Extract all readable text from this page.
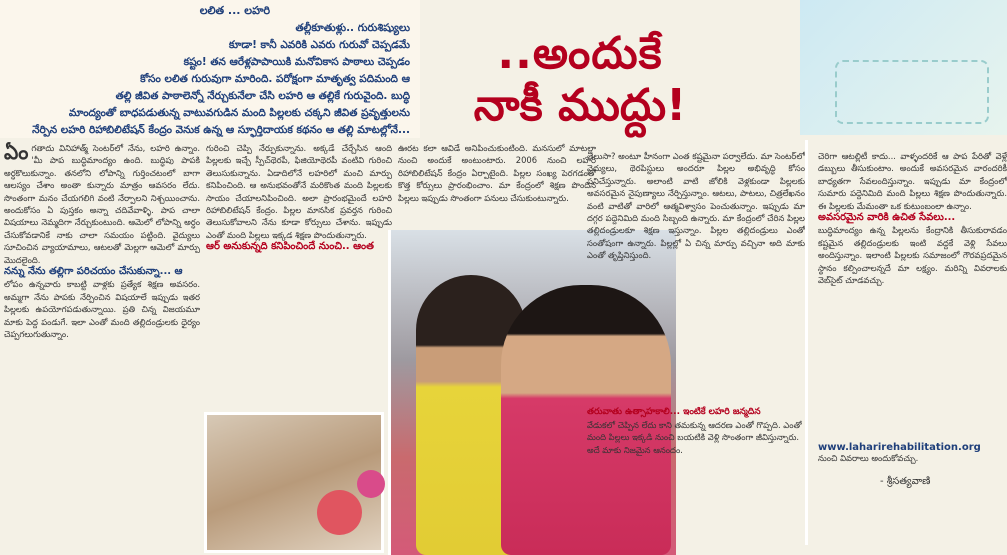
లలిత ... లహరి
తల్లీకూతుళ్లు.. గురుశిష్యులు
కూడా! కానీ ఎవరికి ఎవరు గురువో చెప్పడమే
కష్టం! తన ఆరేళ్లపాపాయికి మనోవికాస పాఠాలు చెప్పడం
కోసం లలిత గురువుగా మారింది. పరోక్షంగా మాతృత్వ పదిమంది ఆ
తల్లి జీవిత పాఠాలెన్నో నేర్చుకునేలా చేసి లహరి ఆ తల్లికే గురువైంది. బుద్ధి
మాంద్యంతో బాధపడుతున్న వాటువగుడిన మంది పిల్లలకు చక్కని జీవిత ప్రవృత్తులను
నేర్పిన లహరి రిహాబిలిటేషన్ కేంద్రం వెనుక ఉన్న ఆ స్ఫూర్తిదాయక కథనం ఆ తల్లి మాటల్లోనే...
..అందుకే
నాకీ ముద్దు!
ఏం గతాదు వినిహాత్మ్ సెంటర్‌లో నేను, లహరి ఉన్నాం. 'మీ పాప బుద్ధిమాంద్యం ఉంది. బుద్ధిపు పాపకి అర్ధకొలుకున్నాం. తనలోని లోపాన్ని గుర్తించటంలో బాగా ఆలస్యం చేశాం అంతా కున్నారు మాత్రం ఆవసరం లేదు. సొంతంగా మనం చేయగలిగి వంటి నేర్పాలని నిశ్చయించాను. అందుకోసం ఏ పుస్తకం అన్నా చదివేవాళ్ళి. పాప చాలా విషయాలు నెమ్మదిగా నేర్చుకుంటుంది. ఆమెలో లోపాన్ని అర్ధం చేసుకోవడానికే నాకు చాలా సమయం పట్టింది. వైద్యులు సూచించిన వ్యాయామాలు, ఆటలతో మెల్లగా ఆమెలో మార్పు మొదలైంది.
నన్ను నేను తల్లిగా పరిచయం చేసుకున్నా... ఆ
లోపం ఉన్నవారు కాబట్టి వాళ్లకు ప్రత్యేక శిక్షణ అవసరం. అమ్మగా నేను పాపకు నేర్పించిన విషయాలే ఇప్పుడు ఇతర పిల్లలకు ఉపయోగపడుతున్నాయి. ప్రతి చిన్న విజయమూ మాకు పెద్ద పండుగే. ఇలా ఎంతో మంది తల్లిదండ్రులకు ధైర్యం చెప్పగలుగుతున్నాం.
గురించి చెప్పి నేర్పుకున్నాను. అక్కడే చేర్చేసిన ఆంది పిల్లలకు ఇచ్చే స్పీచ్‌థెరపీ, ఫిజియోథెరపీ వంటివి గురించి తెలుసుకున్నాను. ఏడాదిలోనే లహరిలో మంచి మార్పు కనిపించింది. ఆ అనుభవంతోనే మరికొంత మంది పిల్లలకు సాయం చేయాలనిపించింది. అలా ప్రారంభమైందే లహరి రిహాబిలిటేషన్ కేంద్రం. పిల్లల మానసిక ప్రవర్తన గురించి తెలుసుకోవాలని నేను కూడా కోర్సులు చేశాను. ఇప్పుడు ఎంతో మంది పిల్లలు ఇక్కడ శిక్షణ పొందుతున్నారు.
ఆర్ అనుకున్నది కనిపించిందే నుంచి.. ఆంత
ఊరట కలా ఆవిడే అనిపించుకుంటింది. మనసులో మాటల్లా నుంచి అందుకే అంటుంటారు. 2006 నుంచి లహరి రిహాబిలిటేషన్ కేంద్రం ఏర్పాటైంది. పిల్లల సంఖ్య పెరగడంతో కొత్త కోర్సులు ప్రారంభించాం. మా కేంద్రంలో శిక్షణ పొందిన పిల్లలు ఇప్పుడు సొంతంగా పనులు చేసుకుంటున్నారు.
తెలుసా? అంటూ హీనంగా ఎంత కష్టమైనా పర్వాలేదు. మా సెంటర్‌లో వైద్యులు, థెరపిస్టులు అందరూ పిల్లల అభివృద్ధి కోసం పనిచేస్తున్నారు. అలాంటి వాటి జోలికి వెళ్లకుండా పిల్లలకు అవసరమైన నైపుణ్యాలు నేర్పిస్తున్నాం. ఆటలు, పాటలు, చిత్రలేఖనం వంటి వాటితో వారిలో ఆత్మవిశ్వాసం పెంచుతున్నాం. ఇప్పుడు మా దగ్గర పద్దెనిమిది మంది సిబ్బంది ఉన్నారు. మా కేంద్రంలో చేరిన పిల్లల తల్లిదండ్రులకూ శిక్షణ ఇస్తున్నాం. పిల్లల తల్లిదండ్రులు ఎంతో సంతోషంగా ఉన్నారు. పిల్లల్లో ఏ చిన్న మార్పు వచ్చినా అది మాకు ఎంతో తృప్తినిస్తుంది.
తరువాతు ఉత్సాహకాలి... ఇంటికే లహరి జన్మదిన
వేడుకలో చెప్పిన లేదు కాని తమకున్న ఆదరణ ఎంతో గొప్పది. ఎంతో మంది పిల్లలు ఇక్కడి నుంచి బయటికి వెళ్లి సొంతంగా జీవిస్తున్నారు. అదే మాకు నిజమైన ఆనందం.
చెరిగా ఆటల్లిటీ కాదు... వాళ్ళందరికే ఆ పాప పేరితో వెళ్లే డబ్బులు తీసుకుంటాం. అందుకే అవసరమైన వారందరికీ బాధ్యతగా సేవలందిస్తున్నాం. ఇప్పుడు మా కేంద్రంలో సుమారు పద్దెనిమిది మంది పిల్లలు శిక్షణ పొందుతున్నారు. ఈ పిల్లలకు మేమంతా ఒక కుటుంబంలా ఉన్నాం.
అవసరమైన వారికి ఉచిత సేవలు...
బుద్ధిమాంద్యం ఉన్న పిల్లలను కేంద్రానికి తీసుకురావడం కష్టమైన తల్లిదండ్రులకు ఇంటి వద్దకే వెళ్లి సేవలు అందిస్తున్నాం. ఇలాంటి పిల్లలకు సమాజంలో గౌరవప్రదమైన స్థానం కల్పించాలన్నదే మా లక్ష్యం. మరిన్ని వివరాలకు వెబ్‌సైట్ చూడవచ్చు.
www.laharirehabilitation.org
నుంచి వివరాలు అందుకోవచ్చు.
- శ్రీసత్యవాణి
